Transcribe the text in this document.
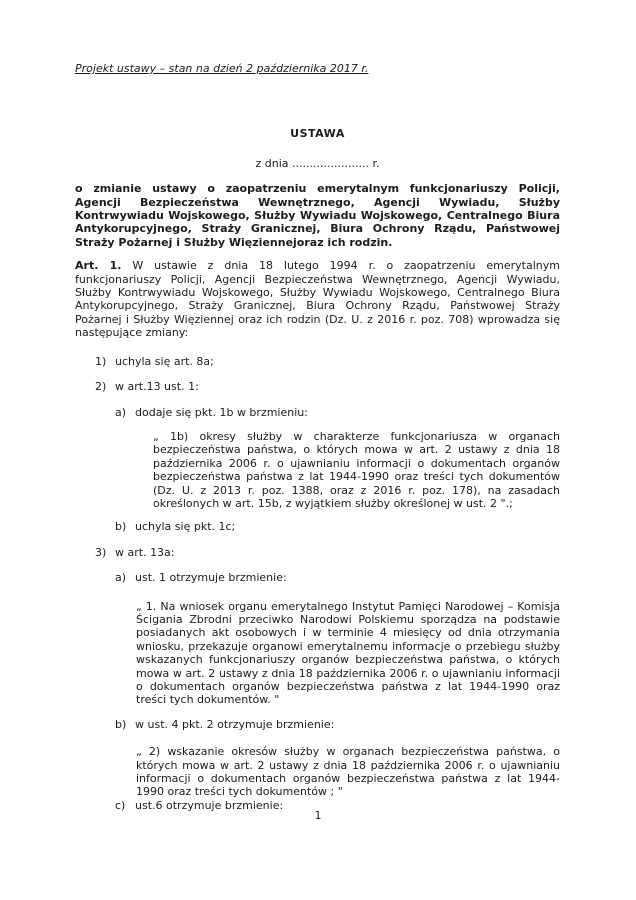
Projekt ustawy – stan na dzień 2 października 2017 r.
USTAWA
z dnia ...................... r.
o zmianie ustawy o zaopatrzeniu emerytalnym funkcjonariuszy Policji, Agencji Bezpieczeństwa Wewnętrznego, Agencji Wywiadu, Służby Kontrwywiadu Wojskowego, Służby Wywiadu Wojskowego, Centralnego Biura Antykorupcyjnego, Straży Granicznej, Biura Ochrony Rządu, Państwowej Straży Pożarnej i Służby Więziennejoraz ich rodzin.
Art. 1. W ustawie z dnia 18 lutego 1994 r. o zaopatrzeniu emerytalnym funkcjonariuszy Policji, Agencji Bezpieczeństwa Wewnętrznego, Agencji Wywiadu, Służby Kontrwywiadu Wojskowego, Służby Wywiadu Wojskowego, Centralnego Biura Antykorupcyjnego, Straży Granicznej, Biura Ochrony Rządu, Państwowej Straży Pożarnej i Służby Więziennej oraz ich rodzin (Dz. U. z 2016 r. poz. 708) wprowadza się następujące zmiany:
1) uchyla się art. 8a;
2) w art.13 ust. 1:
a) dodaje się pkt. 1b w brzmieniu:
„ 1b) okresy służby w charakterze funkcjonariusza w organach bezpieczeństwa państwa, o których mowa w art. 2 ustawy z dnia 18 października 2006 r. o ujawnianiu informacji o dokumentach organów bezpieczeństwa państwa z lat 1944-1990 oraz treści tych dokumentów (Dz. U. z 2013 r. poz. 1388, oraz z 2016 r. poz. 178), na zasadach określonych w art. 15b, z wyjątkiem służby określonej w ust. 2 ".;
b) uchyla się pkt. 1c;
3) w art. 13a:
a) ust. 1 otrzymuje brzmienie:
„ 1. Na wniosek organu emerytalnego Instytut Pamięci Narodowej – Komisja Ścigania Zbrodni przeciwko Narodowi Polskiemu sporządza na podstawie posiadanych akt osobowych i w terminie 4 miesięcy od dnia otrzymania wniosku, przekazuje organowi emerytalnemu informacje o przebiegu służby wskazanych funkcjonariuszy organów bezpieczeństwa państwa, o których mowa w art. 2 ustawy z dnia 18 października 2006 r. o ujawnianiu informacji o dokumentach organów bezpieczeństwa państwa z lat 1944-1990 oraz treści tych dokumentów. "
b) w ust. 4 pkt. 2 otrzymuje brzmienie:
„ 2) wskazanie okresów służby w organach bezpieczeństwa państwa, o których mowa w art. 2 ustawy z dnia 18 października 2006 r. o ujawnianiu informacji o dokumentach organów bezpieczeństwa państwa z lat 1944-1990 oraz treści tych dokumentów ; "
c) ust.6 otrzymuje brzmienie:
1
